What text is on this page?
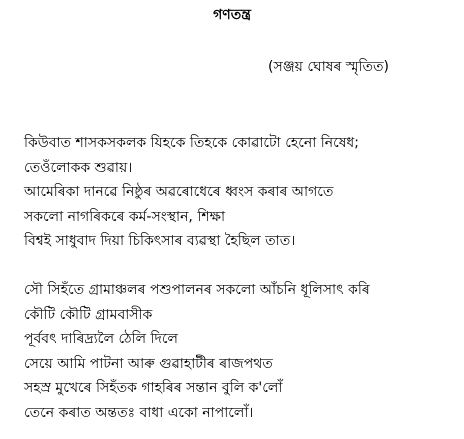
গণতন্ত্ৰ
(সঞ্জয় ঘোষৰ স্মৃতিত)
কিউবাত শাসকসকলক যিহকে তিহকে কোৱাটো হেনো নিষেধ;
তেওঁলোকক শুৱায়।
আমেৰিকা দানৱে নিষ্ঠুৰ অৱৰোধেৰে ধ্বংস কৰাৰ আগতে
সকলো নাগৰিকৰে কৰ্ম-সংস্থান, শিক্ষা
বিশ্বই সাধুবাদ দিয়া চিকিৎসাৰ ব্যৱস্থা হৈছিল তাত।
সৌ সিহঁতে গ্ৰামাঞ্চলৰ পশুপালনৰ সকলো আঁচনি ধূলিসাৎ কৰি
কৌটি কৌটি গ্ৰামবাসীক
পূৰ্ববৎ দাৰিদ্ৰ্যলৈ ঠেলি দিলে
সেয়ে আমি পাটনা আৰু গুৱাহাটীৰ ৰাজপথত
সহস্ৰ মুখেৰে সিহঁতক গাহৰিৰ সন্তান বুলি ক'লোঁ
তেনে কৰাত অন্ততঃ বাধা একো নাপালোঁ।
